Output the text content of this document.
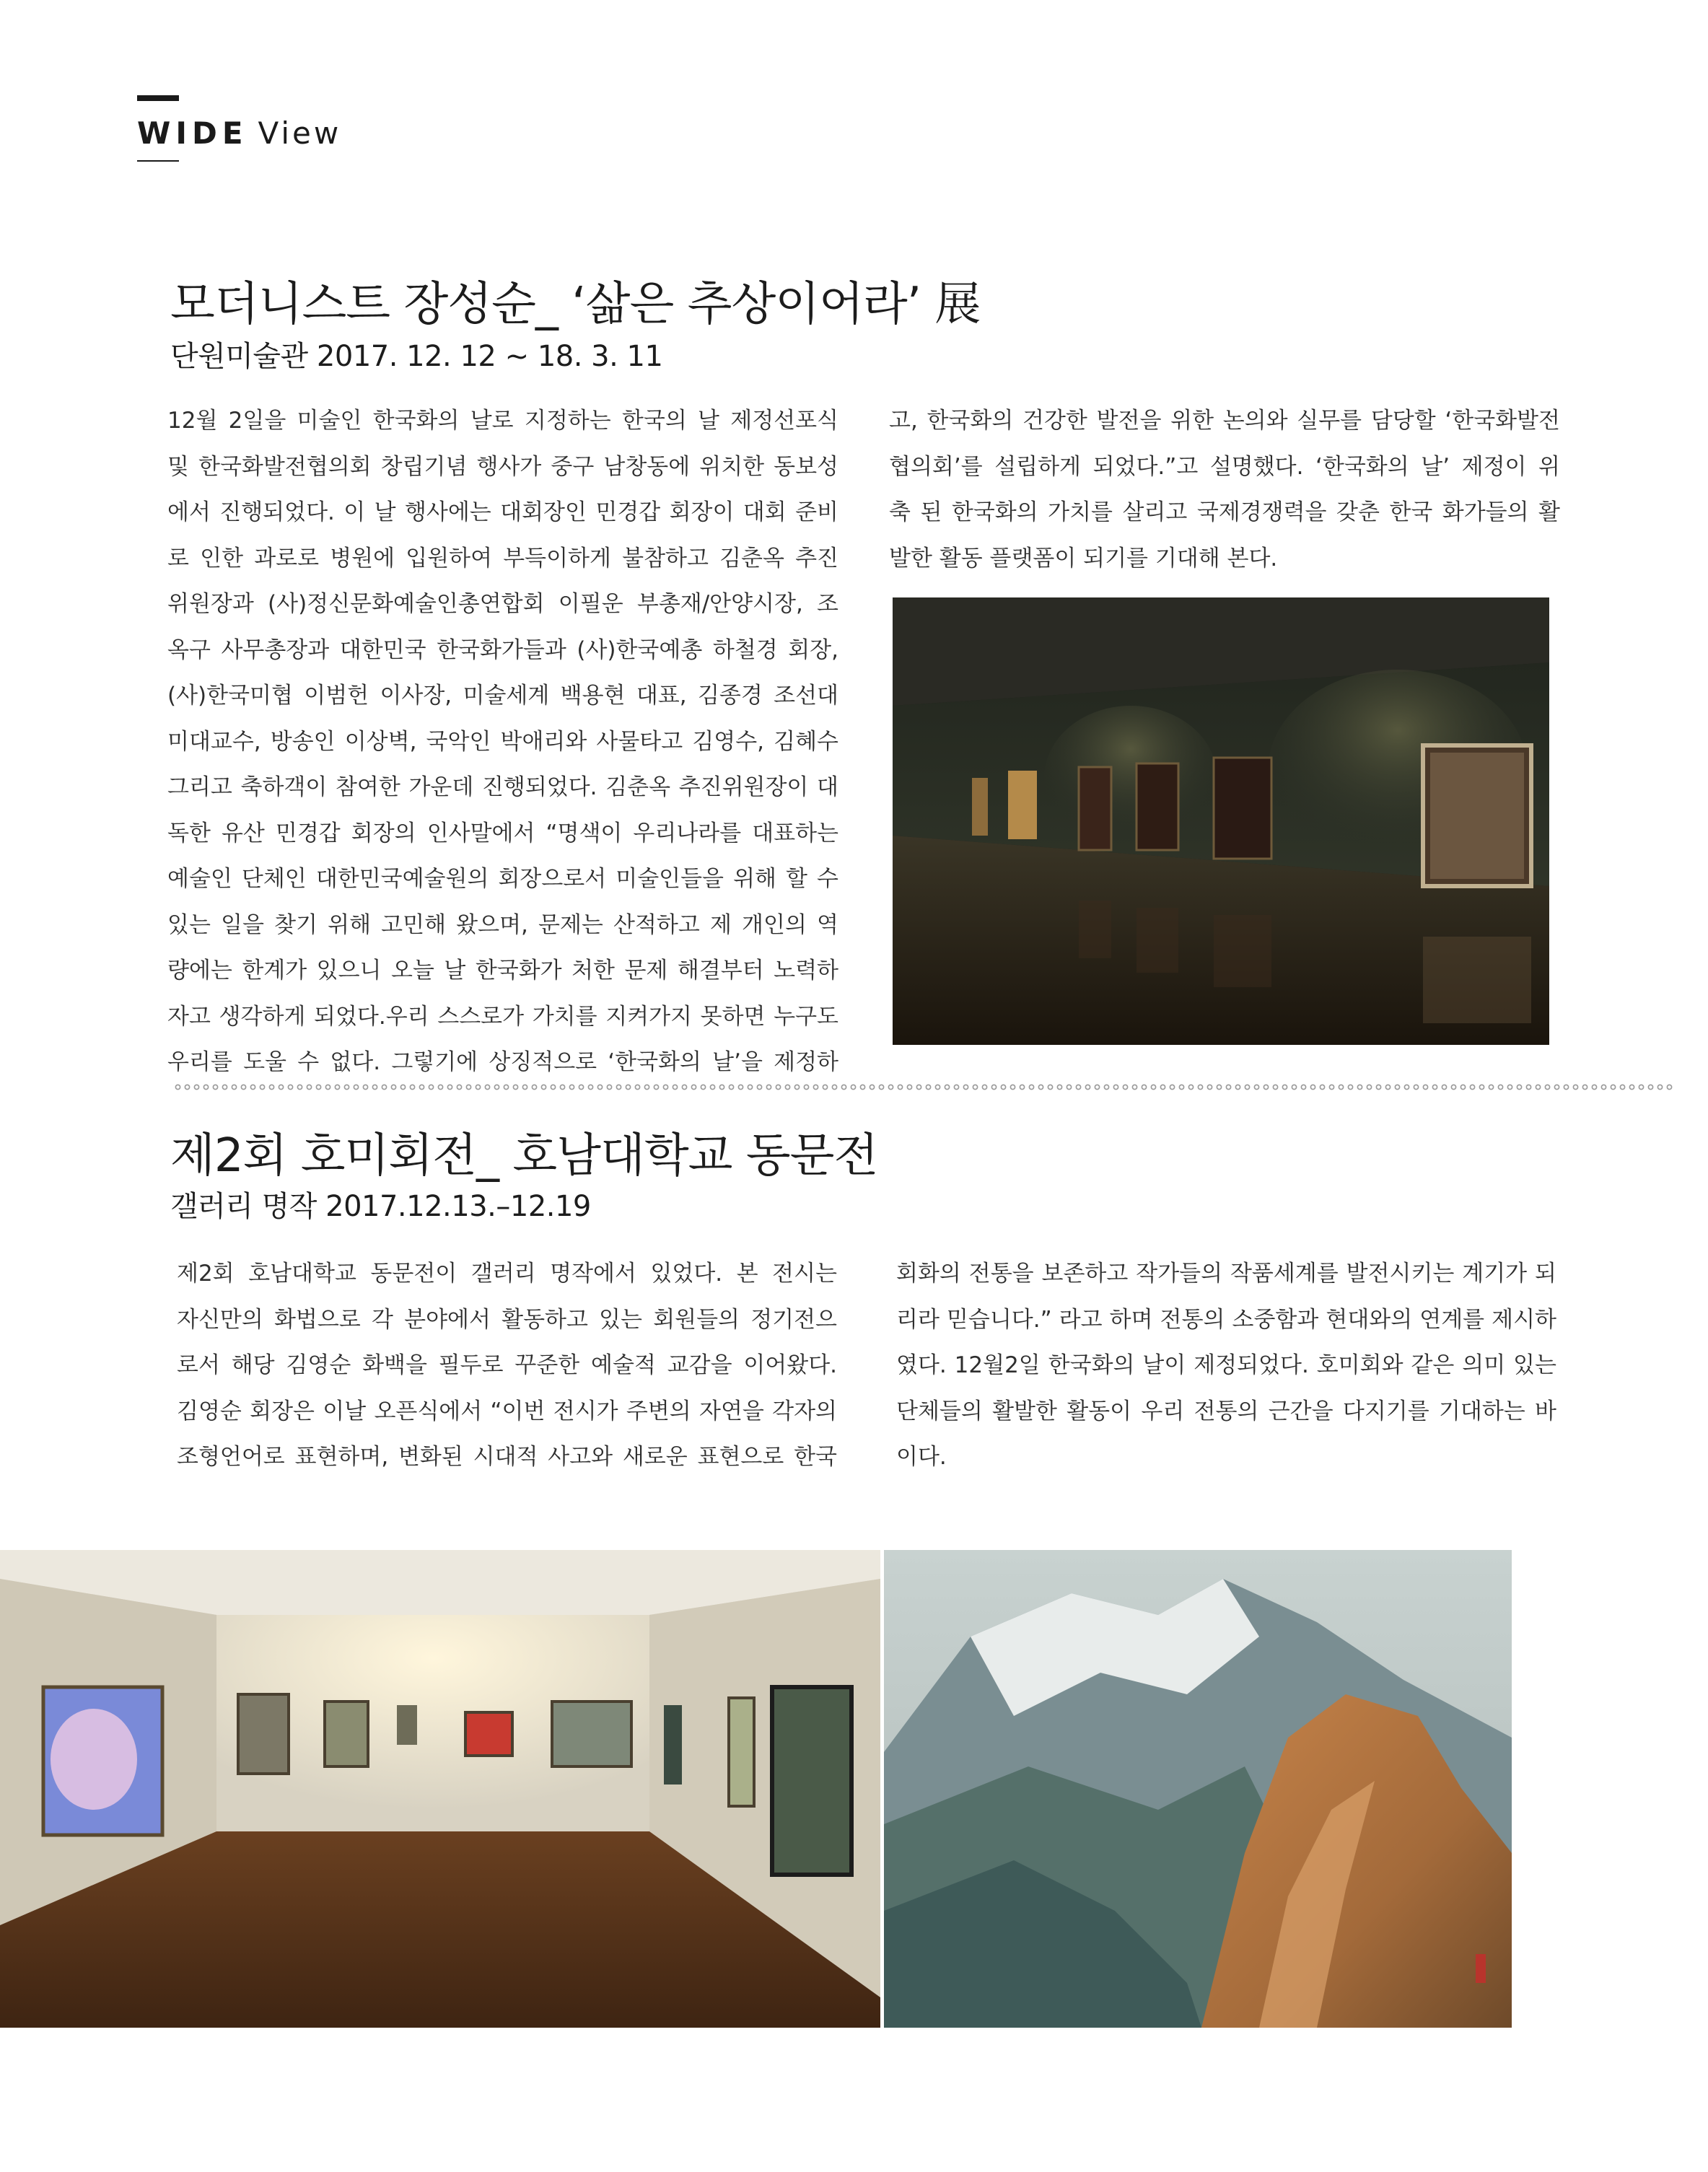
WIDE View
모더니스트 장성순_ ‘삶은 추상이어라’ 展
단원미술관 2017. 12. 12 ~ 18. 3. 11

12월 2일을 미술인 한국화의 날로 지정하는 한국의 날 제정선포식

및 한국화발전협의회 창립기념 행사가 중구 남창동에 위치한 동보성

에서 진행되었다. 이 날 행사에는 대회장인 민경갑 회장이 대회 준비

로 인한 과로로 병원에 입원하여 부득이하게 불참하고 김춘옥 추진

위원장과 (사)정신문화예술인총연합회 이필운 부총재/안양시장, 조

옥구 사무총장과 대한민국 한국화가들과 (사)한국예총 하철경 회장,

(사)한국미협 이범헌 이사장, 미술세계 백용현 대표, 김종경 조선대

미대교수, 방송인 이상벽, 국악인 박애리와 사물타고 김영수, 김혜수

그리고 축하객이 참여한 가운데 진행되었다. 김춘옥 추진위원장이 대

독한 유산 민경갑 회장의 인사말에서 “명색이 우리나라를 대표하는

예술인 단체인 대한민국예술원의 회장으로서 미술인들을 위해 할 수

있는 일을 찾기 위해 고민해 왔으며, 문제는 산적하고 제 개인의 역

량에는 한계가 있으니 오늘 날 한국화가 처한 문제 해결부터 노력하

자고 생각하게 되었다.우리 스스로가 가치를 지켜가지 못하면 누구도

우리를 도울 수 없다. 그렇기에 상징적으로 ‘한국화의 날’을 제정하

고, 한국화의 건강한 발전을 위한 논의와 실무를 담당할 ‘한국화발전

협의회’를 설립하게 되었다.”고 설명했다. ‘한국화의 날’ 제정이 위

축 된 한국화의 가치를 살리고 국제경쟁력을 갖춘 한국 화가들의 활

발한 활동 플랫폼이 되기를 기대해 본다.

제2회 호미회전_ 호남대학교 동문전
갤러리 명작 2017.12.13.–12.19

제2회 호남대학교 동문전이 갤러리 명작에서 있었다. 본 전시는

자신만의 화법으로 각 분야에서 활동하고 있는 회원들의 정기전으

로서 해당 김영순 화백을 필두로 꾸준한 예술적 교감을 이어왔다.

김영순 회장은 이날 오픈식에서 “이번 전시가 주변의 자연을 각자의

조형언어로 표현하며, 변화된 시대적 사고와 새로운 표현으로 한국

회화의 전통을 보존하고 작가들의 작품세계를 발전시키는 계기가 되

리라 믿습니다.” 라고 하며 전통의 소중함과 현대와의 연계를 제시하

였다. 12월2일 한국화의 날이 제정되었다. 호미회와 같은 의미 있는

단체들의 활발한 활동이 우리 전통의 근간을 다지기를 기대하는 바

이다.
